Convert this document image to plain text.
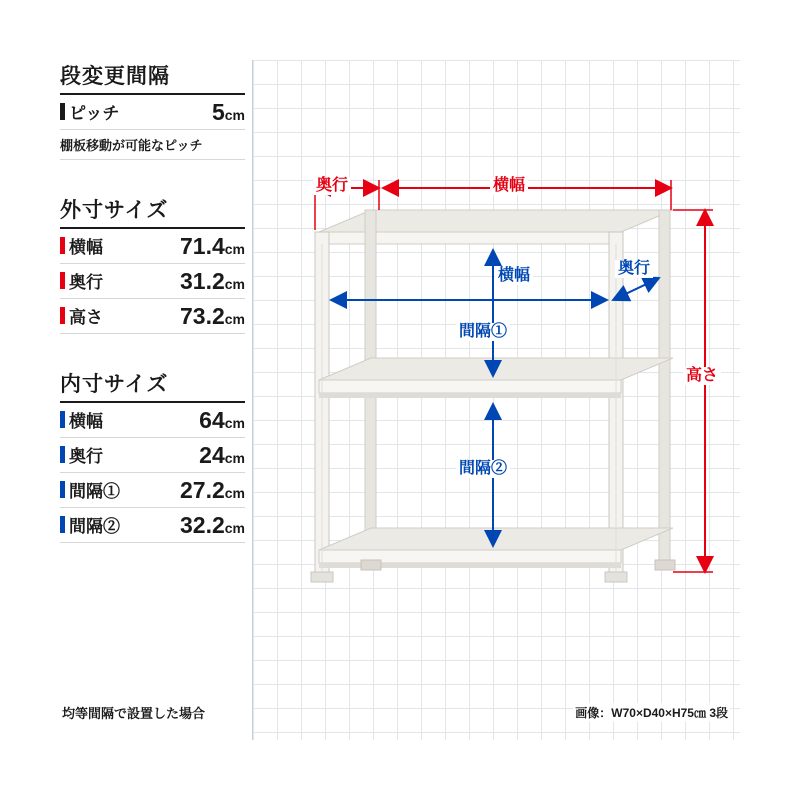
段変更間隔
ピッチ	5cm
棚板移動が可能なピッチ
外寸サイズ
横幅	71.4cm
奥行	31.2cm
高さ	73.2cm
内寸サイズ
横幅	64cm
奥行	24cm
間隔①	27.2cm
間隔②	32.2cm
均等間隔で設置した場合
奥行	横幅
高さ
横幅	奥行
間隔①
間隔②
画像：W70×D40×H75㎝ 3段
